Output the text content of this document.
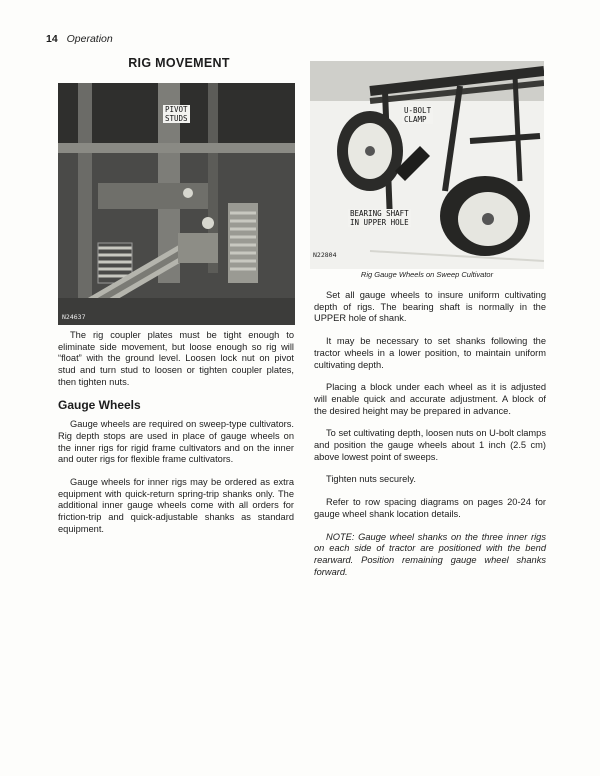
14 Operation
RIG MOVEMENT
PIVOT
STUDS
N24637
U-BOLT
CLAMP
BEARING SHAFT
IN UPPER HOLE
N22804
Rig Gauge Wheels on Sweep Cultivator

The rig coupler plates must be tight enough to eliminate side movement, but loose enough so rig will “float” with the ground level. Loosen lock nut on pivot stud and turn stud to loosen or tighten coupler plates, then tighten nuts.

Gauge Wheels

Gauge wheels are required on sweep-type cultivators. Rig depth stops are used in place of gauge wheels on the inner rigs for rigid frame cultivators and on the inner and outer rigs for flexible frame cultivators.

Gauge wheels for inner rigs may be ordered as extra equipment with quick-return spring-trip shanks only. The additional inner gauge wheels come with all orders for friction-trip and quick-adjustable shanks as standard equipment.

Set all gauge wheels to insure uniform cultivating depth of rigs. The bearing shaft is normally in the UPPER hole of shank.

It may be necessary to set shanks following the tractor wheels in a lower position, to maintain uniform cultivating depth.

Placing a block under each wheel as it is adjusted will enable quick and accurate adjustment. A block of the desired height may be prepared in advance.

To set cultivating depth, loosen nuts on U-bolt clamps and position the gauge wheels about 1 inch (2.5 cm) above lowest point of sweeps.

Tighten nuts securely.

Refer to row spacing diagrams on pages 20-24 for gauge wheel shank location details.

NOTE: Gauge wheel shanks on the three inner rigs on each side of tractor are positioned with the bend rearward. Position remaining gauge wheel shanks forward.
